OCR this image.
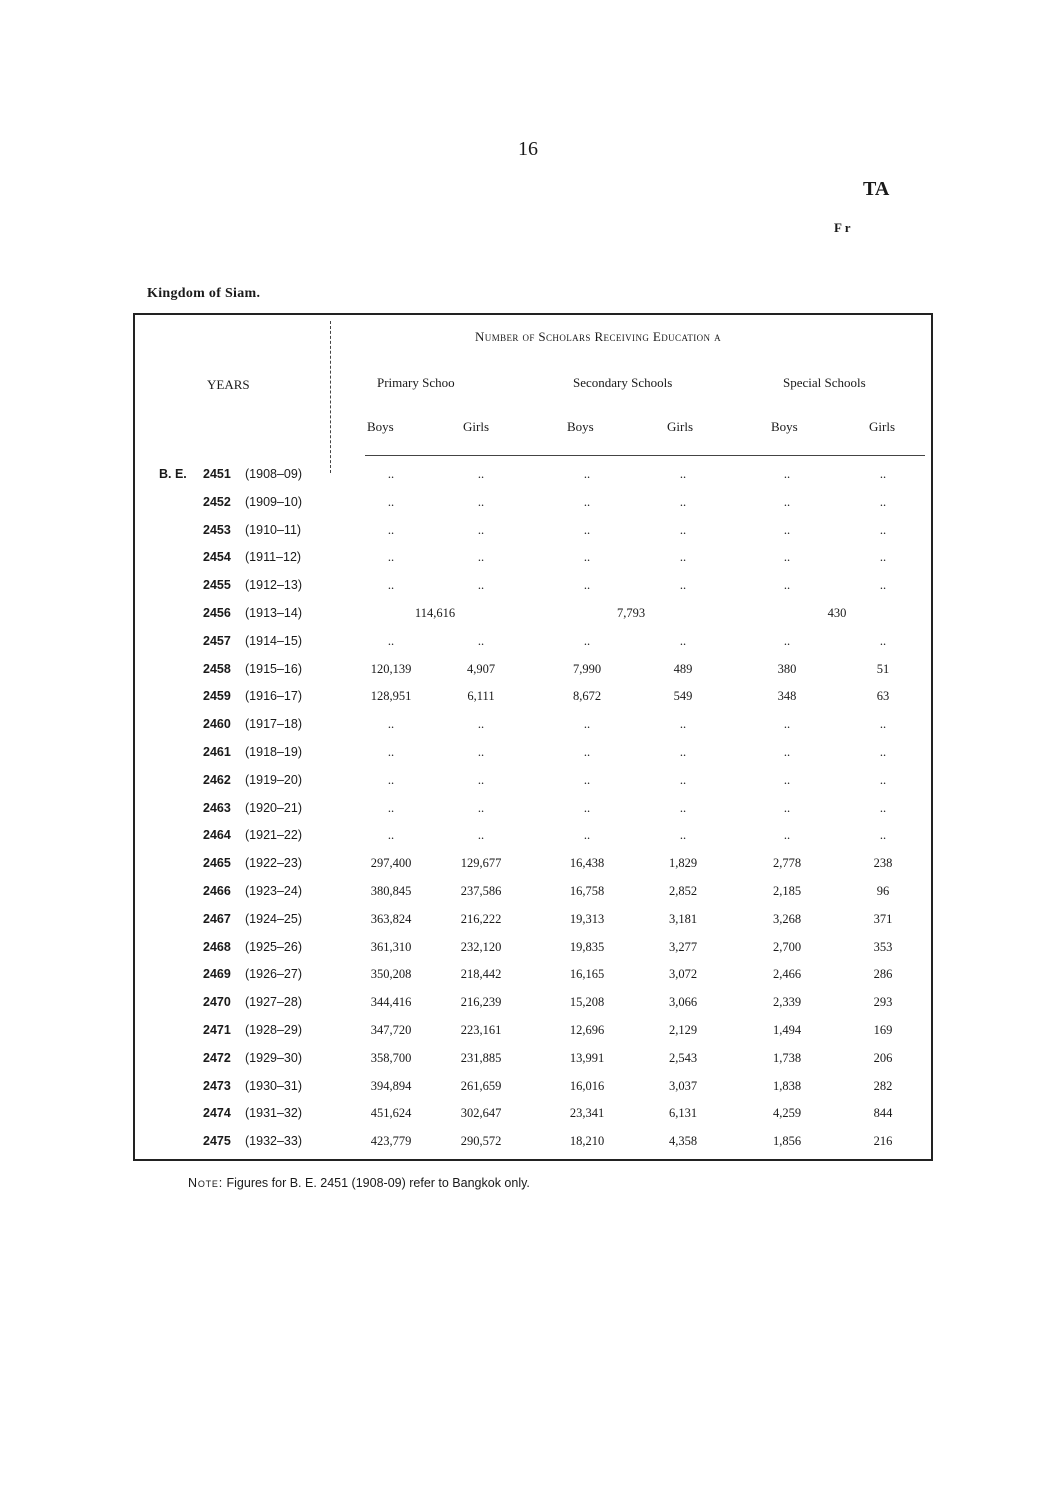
16
TA
F r
Kingdom of Siam.
Number of Scholars Receiving Education a
YEARS	Primary Schoo	Secondary Schools	Special Schools
Boys	Girls	Boys	Girls	Boys	Girls
B. E. 2451 (1908–09)	..	..	..	..	..	..
2452 (1909–10)	..	..	..	..	..	..
2453 (1910–11)	..	..	..	..	..	..
2454 (1911–12)	..	..	..	..	..	..
2455 (1912–13)	..	..	..	..	..	..
2456 (1913–14)	114,616	7,793	430
2457 (1914–15)	..	..	..	..	..	..
2458 (1915–16)	120,139	4,907	7,990	489	380	51
2459 (1916–17)	128,951	6,111	8,672	549	348	63
2460 (1917–18)	..	..	..	..	..	..
2461 (1918–19)	..	..	..	..	..	..
2462 (1919–20)	..	..	..	..	..	..
2463 (1920–21)	..	..	..	..	..	..
2464 (1921–22)	..	..	..	..	..	..
2465 (1922–23)	297,400	129,677	16,438	1,829	2,778	238
2466 (1923–24)	380,845	237,586	16,758	2,852	2,185	96
2467 (1924–25)	363,824	216,222	19,313	3,181	3,268	371
2468 (1925–26)	361,310	232,120	19,835	3,277	2,700	353
2469 (1926–27)	350,208	218,442	16,165	3,072	2,466	286
2470 (1927–28)	344,416	216,239	15,208	3,066	2,339	293
2471 (1928–29)	347,720	223,161	12,696	2,129	1,494	169
2472 (1929–30)	358,700	231,885	13,991	2,543	1,738	206
2473 (1930–31)	394,894	261,659	16,016	3,037	1,838	282
2474 (1931–32)	451,624	302,647	23,341	6,131	4,259	844
2475 (1932–33)	423,779	290,572	18,210	4,358	1,856	216
Note: Figures for B. E. 2451 (1908-09) refer to Bangkok only.
